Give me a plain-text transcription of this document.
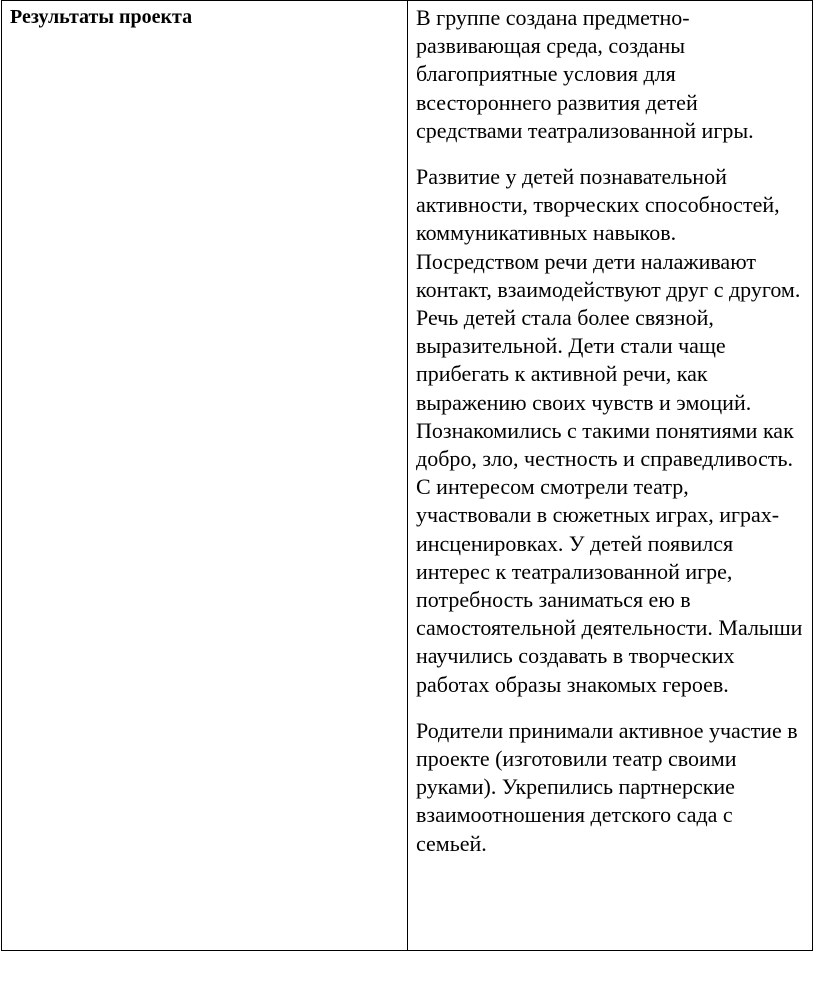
Результаты проекта	В группе создана предметно-развивающая среда, созданы благоприятные условия для всестороннего развития детей средствами театрализованной игры.

Развитие у детей познавательной активности, творческих способностей, коммуникативных навыков. Посредством речи дети налаживают контакт, взаимодействуют друг с другом. Речь детей стала более связной, выразительной. Дети стали чаще прибегать к активной речи, как выражению своих чувств и эмоций. Познакомились с такими понятиями как добро, зло, честность и справедливость. С интересом смотрели театр, участвовали в сюжетных играх, играх-инсценировках. У детей появился интерес к театрализованной игре, потребность заниматься ею в самостоятельной деятельности. Малыши научились создавать в творческих работах образы знакомых героев.

Родители принимали активное участие в проекте (изготовили театр своими руками). Укрепились партнерские взаимоотношения детского сада с семьей.
